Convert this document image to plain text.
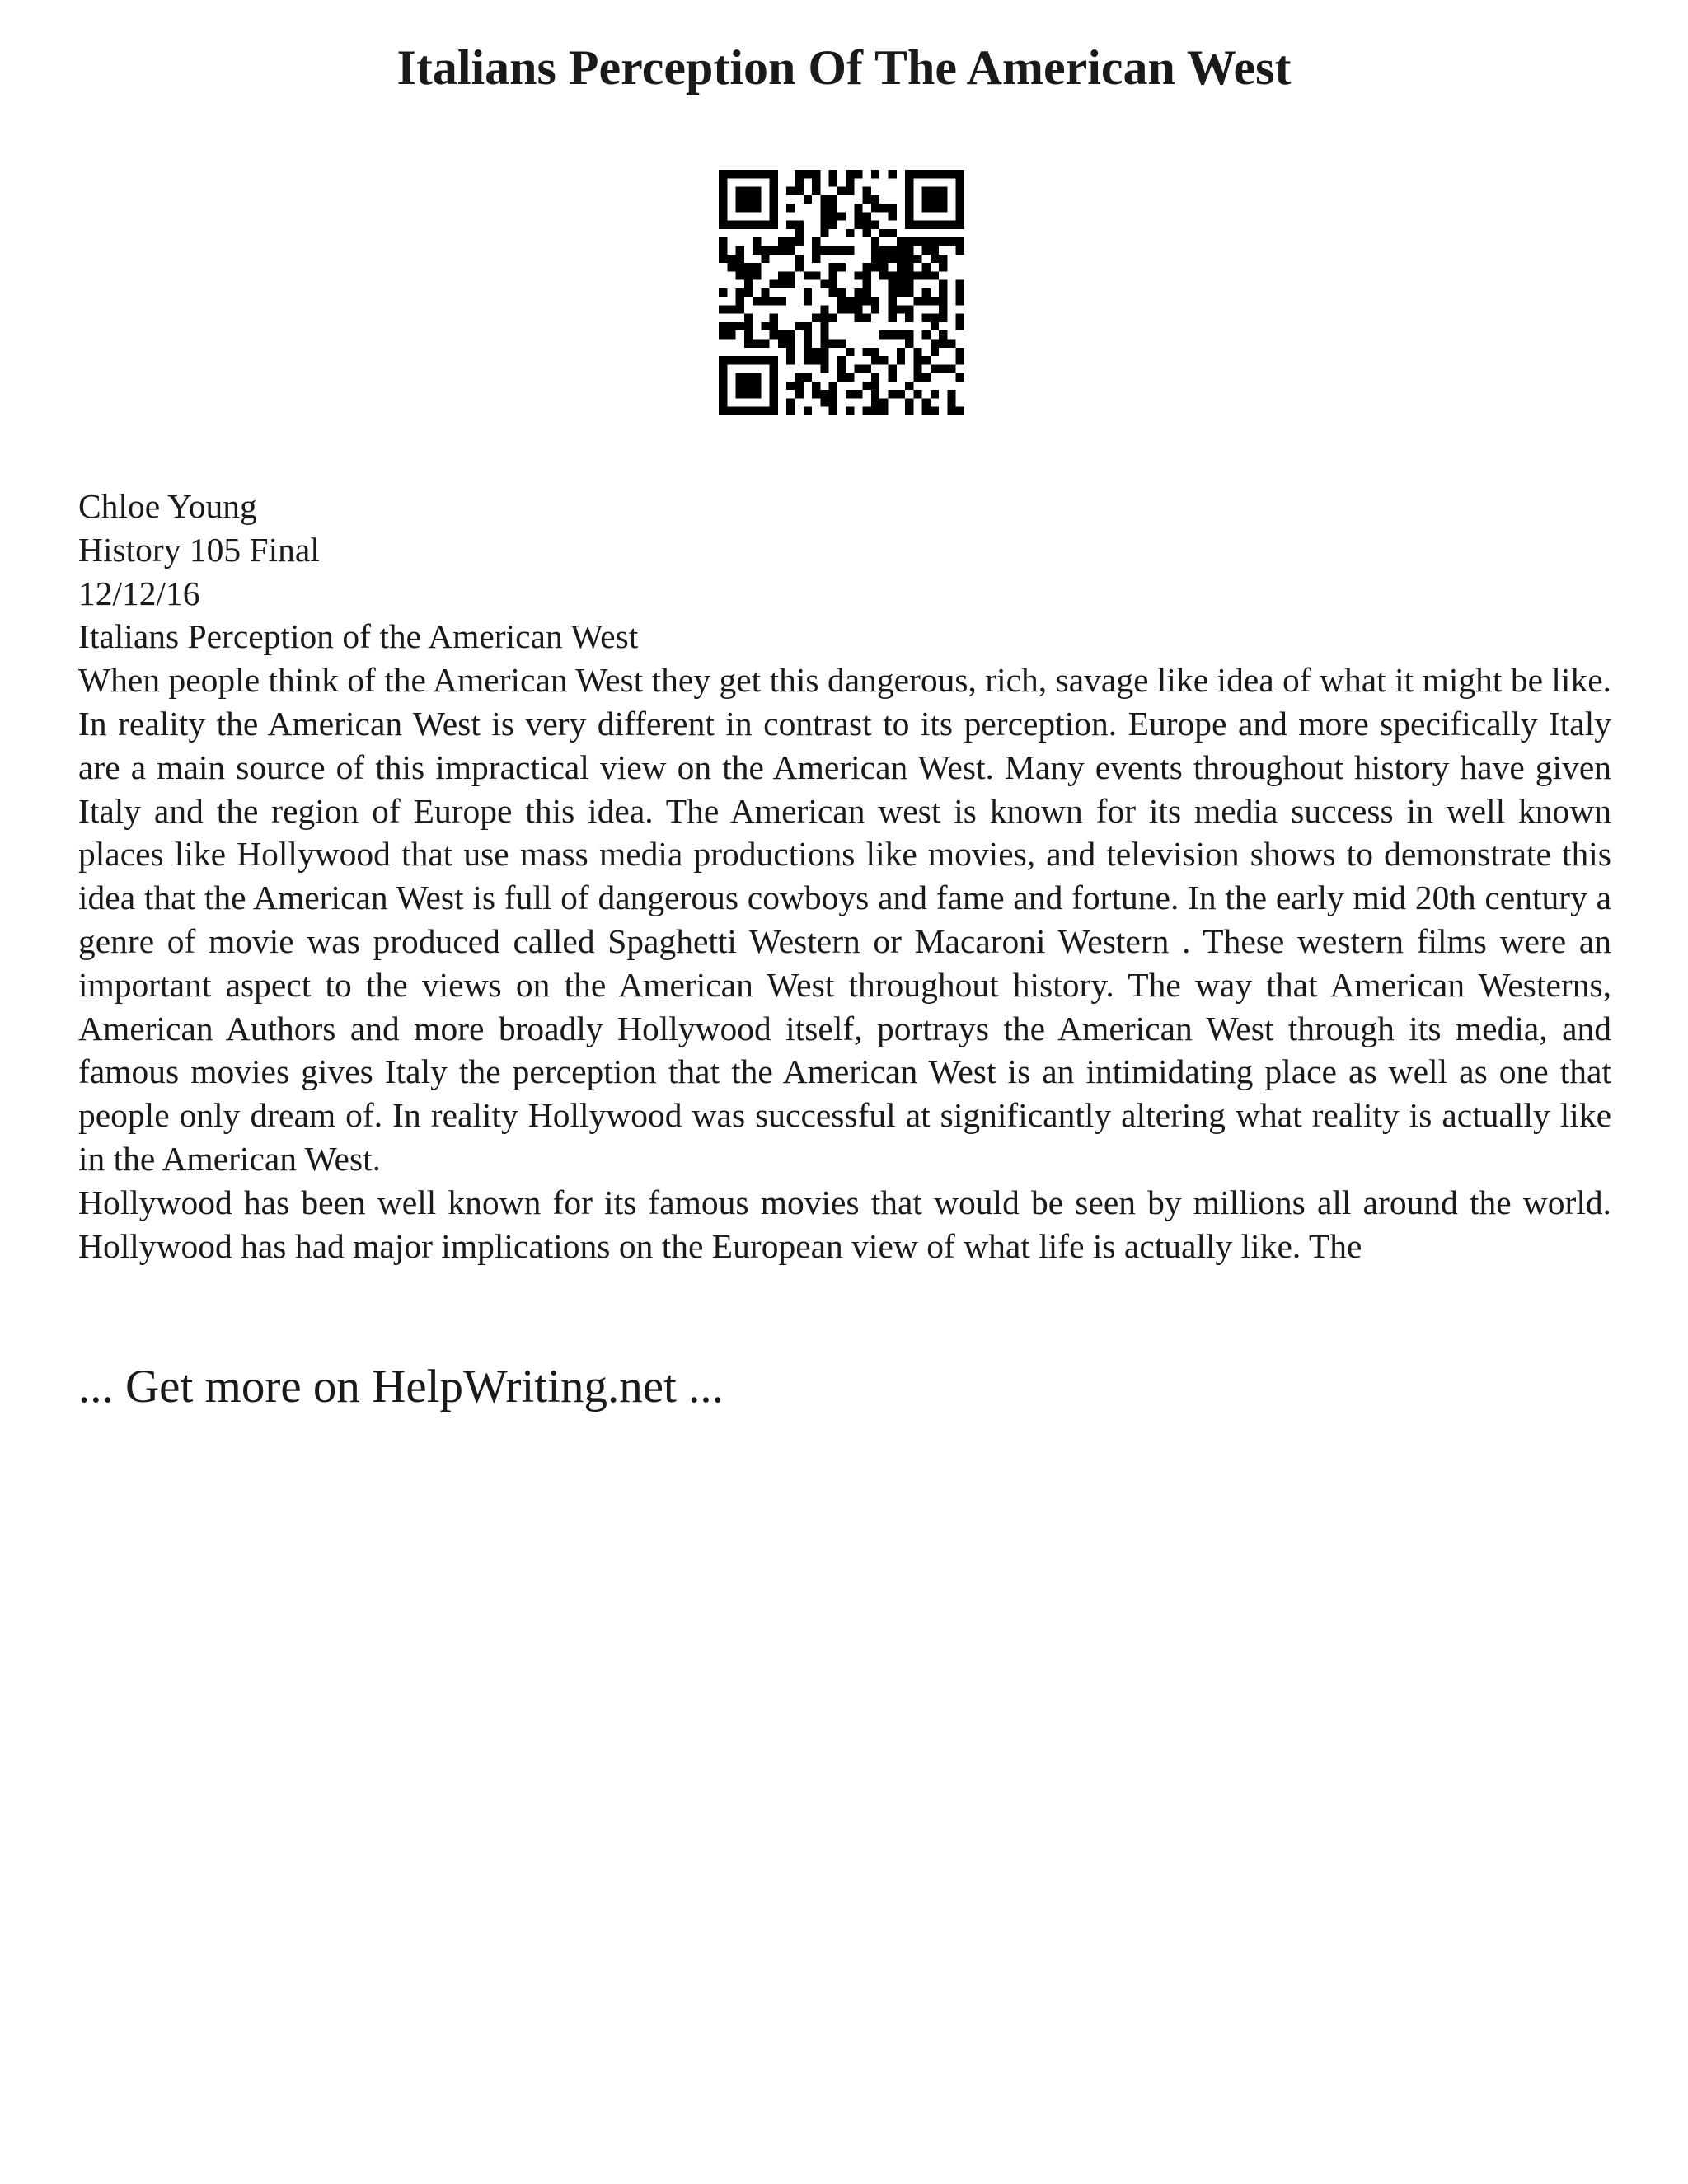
Italians Perception Of The American West
Chloe Young
History 105 Final
12/12/16
Italians Perception of the American West

When people think of the American West they get this dangerous, rich, savage like idea of what it might be like. In reality the American West is very different in contrast to its perception. Europe and more specifically Italy are a main source of this impractical view on the American West. Many events throughout history have given Italy and the region of Europe this idea. The American west is known for its media success in well known places like Hollywood that use mass media productions like movies, and television shows to demonstrate this idea that the American West is full of dangerous cowboys and fame and fortune. In the early mid 20th century a genre of movie was produced called Spaghetti Western or Macaroni Western . These western films were an important aspect to the views on the American West throughout history. The way that American Westerns, American Authors and more broadly Hollywood itself, portrays the American West through its media, and famous movies gives Italy the perception that the American West is an intimidating place as well as one that people only dream of. In reality Hollywood was successful at significantly altering what reality is actually like in the American West.

Hollywood has been well known for its famous movies that would be seen by millions all around the world. Hollywood has had major implications on the European view of what life is actually like. The

... Get more on HelpWriting.net ...
